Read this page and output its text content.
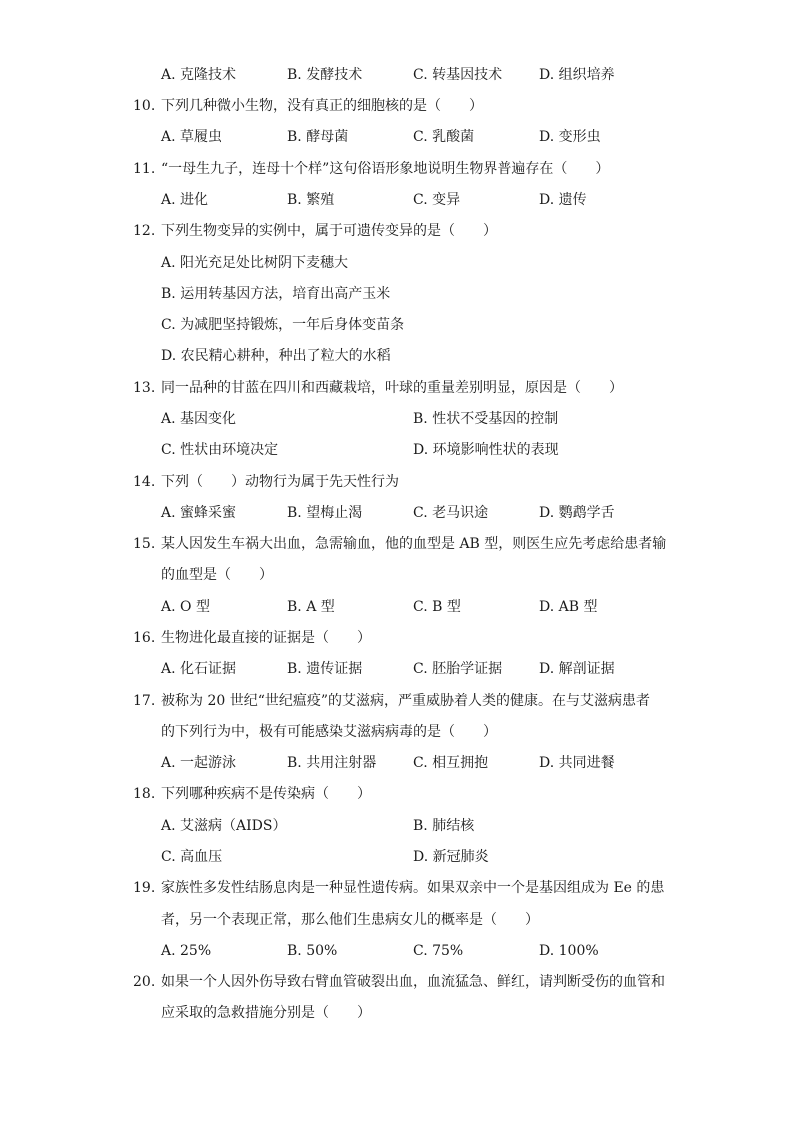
A. 克隆技术	B. 发酵技术	C. 转基因技术	D. 组织培养
10. 下列几种微小生物，没有真正的细胞核的是（　　）
A. 草履虫	B. 酵母菌	C. 乳酸菌	D. 变形虫
11. “一母生九子，连母十个样”这句俗语形象地说明生物界普遍存在（　　）
A. 进化	B. 繁殖	C. 变异	D. 遗传
12. 下列生物变异的实例中，属于可遗传变异的是（　　）
A. 阳光充足处比树阴下麦穗大
B. 运用转基因方法，培育出高产玉米
C. 为减肥坚持锻炼，一年后身体变苗条
D. 农民精心耕种，种出了粒大的水稻
13. 同一品种的甘蓝在四川和西藏栽培，叶球的重量差别明显，原因是（　　）
A. 基因变化	B. 性状不受基因的控制
C. 性状由环境决定	D. 环境影响性状的表现
14. 下列（　　）动物行为属于先天性行为
A. 蜜蜂采蜜	B. 望梅止渴	C. 老马识途	D. 鹦鹉学舌
15. 某人因发生车祸大出血，急需输血，他的血型是 AB 型，则医生应先考虑给患者输
的血型是（　　）
A. O 型	B. A 型	C. B 型	D. AB 型
16. 生物进化最直接的证据是（　　）
A. 化石证据	B. 遗传证据	C. 胚胎学证据	D. 解剖证据
17. 被称为 20 世纪“世纪瘟疫”的艾滋病，严重威胁着人类的健康。在与艾滋病患者
的下列行为中，极有可能感染艾滋病病毒的是（　　）
A. 一起游泳	B. 共用注射器	C. 相互拥抱	D. 共同进餐
18. 下列哪种疾病不是传染病（　　）
A. 艾滋病（AIDS）	B. 肺结核
C. 高血压	D. 新冠肺炎
19. 家族性多发性结肠息肉是一种显性遗传病。如果双亲中一个是基因组成为 Ee 的患
者，另一个表现正常，那么他们生患病女儿的概率是（　　）
A. 25%	B. 50%	C. 75%	D. 100%
20. 如果一个人因外伤导致右臂血管破裂出血，血流猛急、鲜红，请判断受伤的血管和
应采取的急救措施分别是（　　）
